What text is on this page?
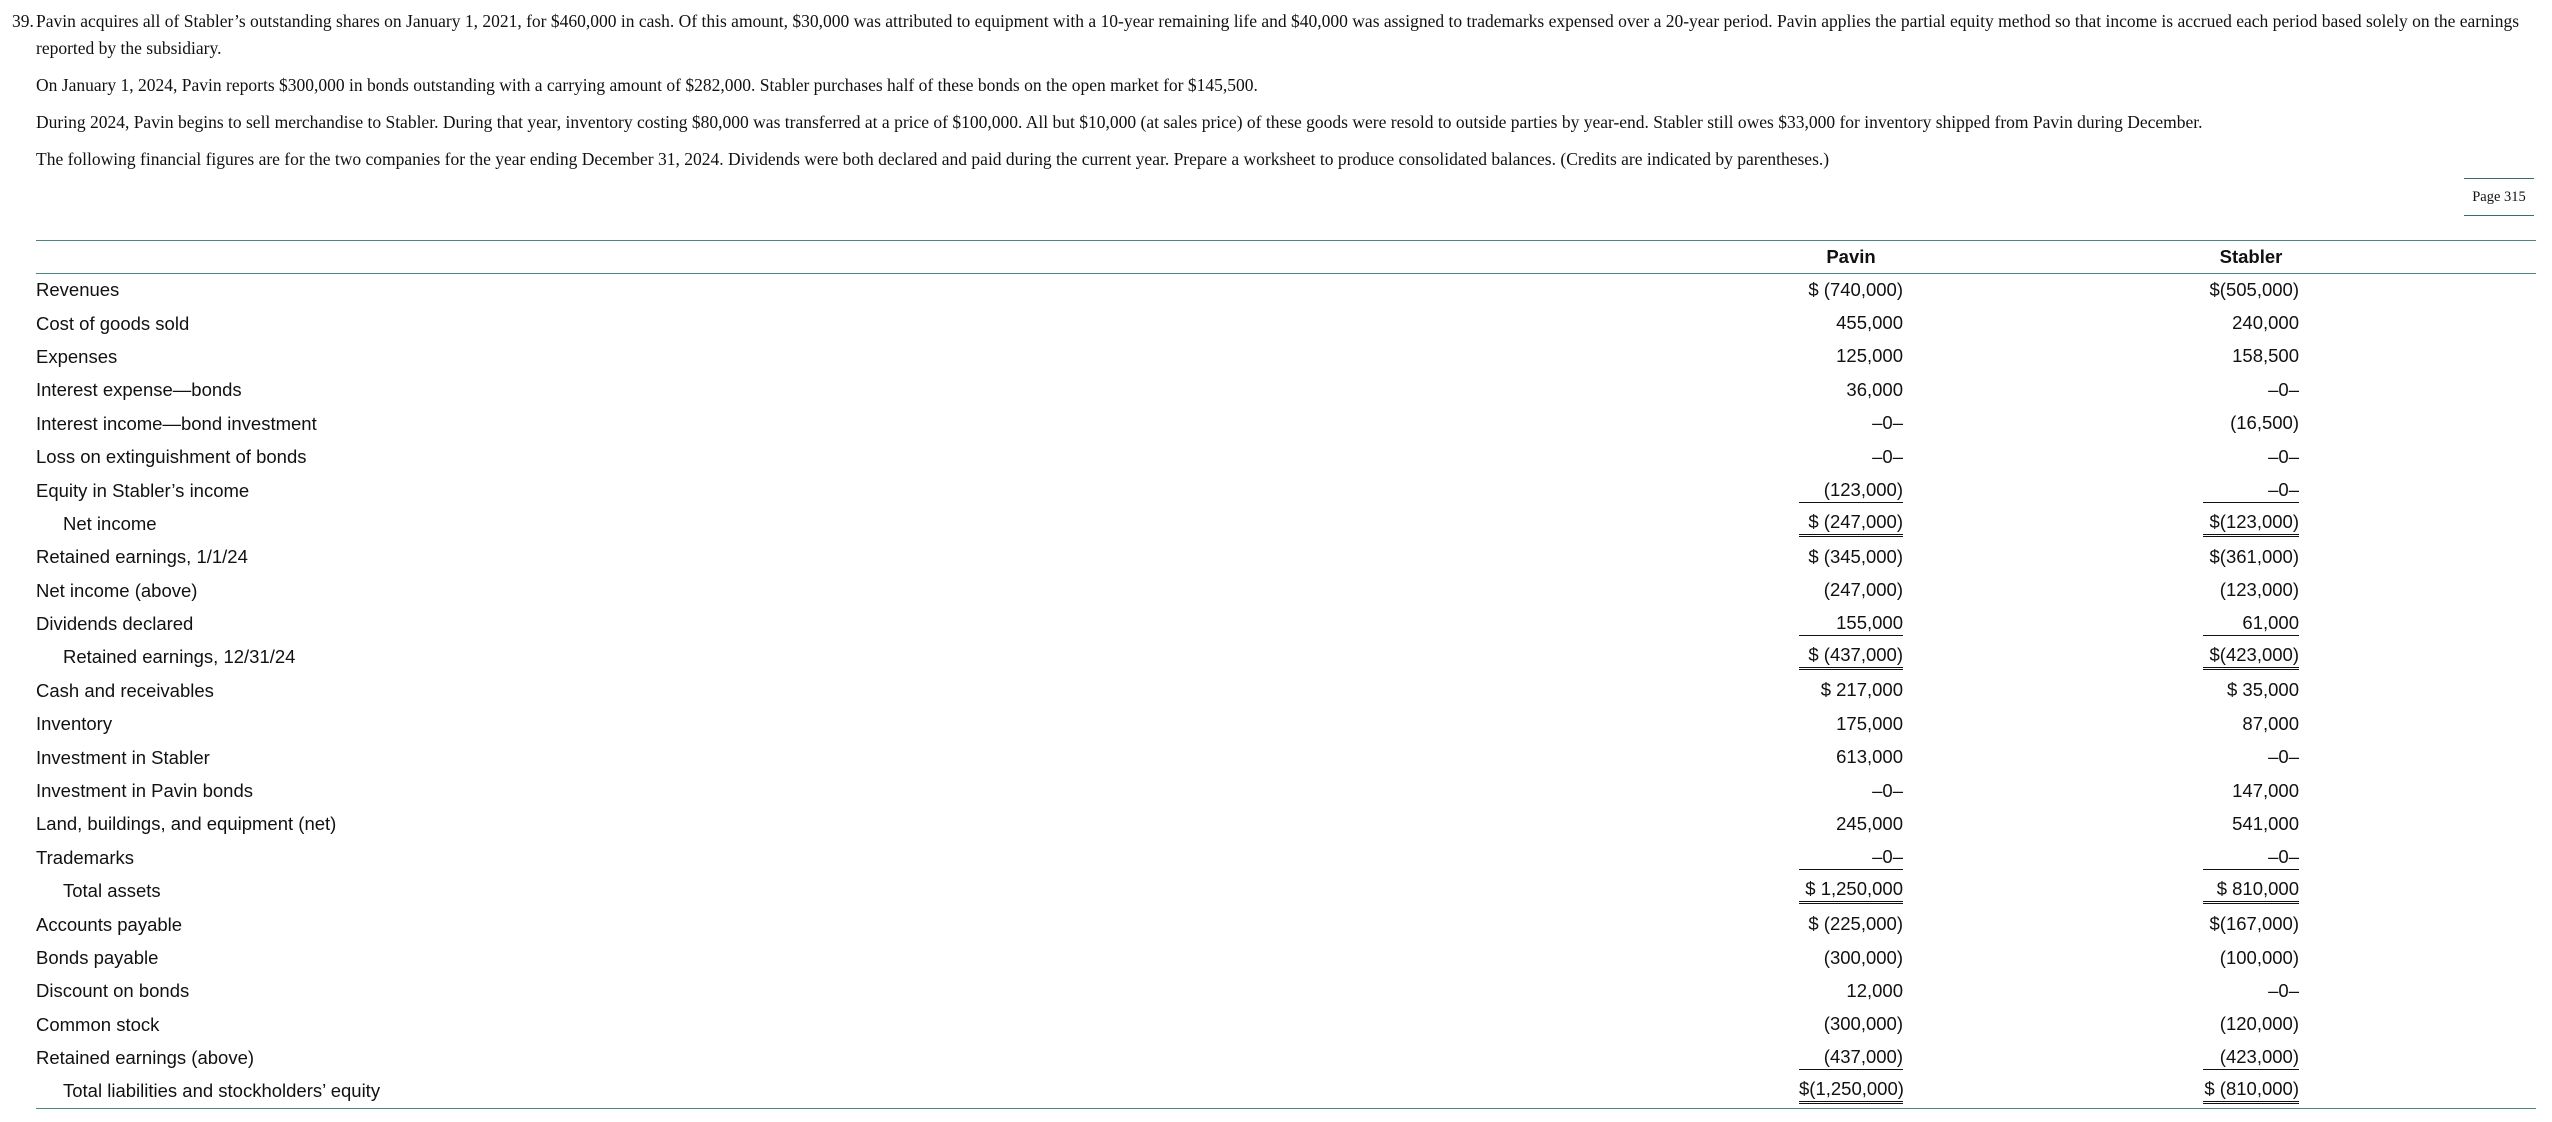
39. Pavin acquires all of Stabler’s outstanding shares on January 1, 2021, for $460,000 in cash. Of this amount, $30,000 was attributed to equipment with a 10-year remaining life and $40,000 was assigned to trademarks expensed over a 20-year period. Pavin applies the partial equity method so that income is accrued each period based solely on the earnings reported by the subsidiary.
On January 1, 2024, Pavin reports $300,000 in bonds outstanding with a carrying amount of $282,000. Stabler purchases half of these bonds on the open market for $145,500.
During 2024, Pavin begins to sell merchandise to Stabler. During that year, inventory costing $80,000 was transferred at a price of $100,000. All but $10,000 (at sales price) of these goods were resold to outside parties by year-end. Stabler still owes $33,000 for inventory shipped from Pavin during December.
The following financial figures are for the two companies for the year ending December 31, 2024. Dividends were both declared and paid during the current year. Prepare a worksheet to produce consolidated balances. (Credits are indicated by parentheses.)
Page 315
	Pavin	Stabler
Revenues	$ (740,000)	$(505,000)
Cost of goods sold	455,000	240,000
Expenses	125,000	158,500
Interest expense—bonds	36,000	–0–
Interest income—bond investment	–0–	(16,500)
Loss on extinguishment of bonds	–0–	–0–
Equity in Stabler’s income	(123,000)	–0–
Net income	$ (247,000)	$(123,000)
Retained earnings, 1/1/24	$ (345,000)	$(361,000)
Net income (above)	(247,000)	(123,000)
Dividends declared	155,000	61,000
Retained earnings, 12/31/24	$ (437,000)	$(423,000)
Cash and receivables	$ 217,000	$ 35,000
Inventory	175,000	87,000
Investment in Stabler	613,000	–0–
Investment in Pavin bonds	–0–	147,000
Land, buildings, and equipment (net)	245,000	541,000
Trademarks	–0–	–0–
Total assets	$ 1,250,000	$ 810,000
Accounts payable	$ (225,000)	$(167,000)
Bonds payable	(300,000)	(100,000)
Discount on bonds	12,000	–0–
Common stock	(300,000)	(120,000)
Retained earnings (above)	(437,000)	(423,000)
Total liabilities and stockholders’ equity	$(1,250,000)	$ (810,000)
